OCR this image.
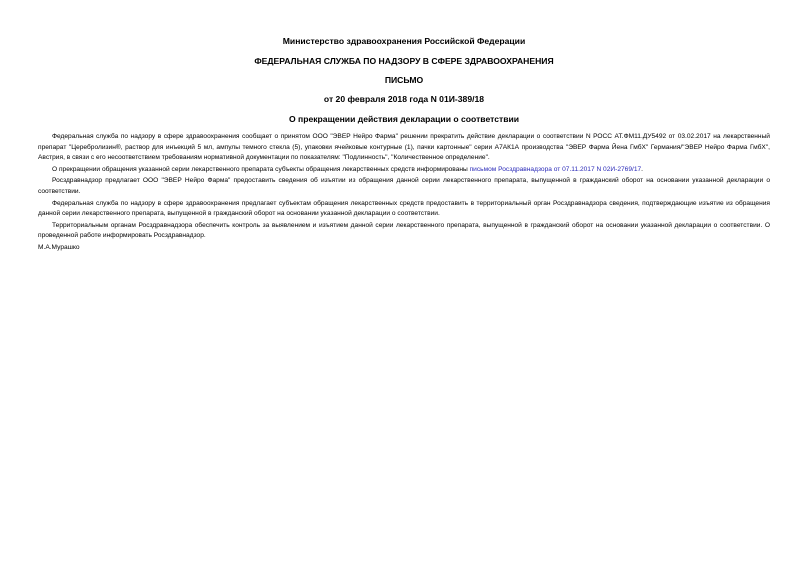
Министерство здравоохранения Российской Федерации
ФЕДЕРАЛЬНАЯ СЛУЖБА ПО НАДЗОРУ В СФЕРЕ ЗДРАВООХРАНЕНИЯ
ПИСЬМО
от 20 февраля 2018 года N 01И-389/18
О прекращении действия декларации о соответствии

Федеральная служба по надзору в сфере здравоохранения сообщает о принятом ООО "ЭВЕР Нейро Фарма" решении прекратить действие декларации о соответствии N РОСС AT.ФМ11.ДУ5492 от 03.02.2017 на лекарственный препарат "Церебролизин®, раствор для инъекций 5 мл, ампулы темного стекла (5), упаковки ячейковые контурные (1), пачки картонные" серии А7АК1А производства "ЭВЕР Фарма Йена ГмбХ" Германия/"ЭВЕР Нейро Фарма ГмбХ", Австрия, в связи с его несоответствием требованиям нормативной документации по показателям: "Подлинность", "Количественное определение".

О прекращении обращения указанной серии лекарственного препарата субъекты обращения лекарственных средств информированы письмом Росздравнадзора от 07.11.2017 N 02И-2769/17.

Росздравнадзор предлагает ООО "ЭВЕР Нейро Фарма" предоставить сведения об изъятии из обращения данной серии лекарственного препарата, выпущенной в гражданский оборот на основании указанной декларации о соответствии.

Федеральная служба по надзору в сфере здравоохранения предлагает субъектам обращения лекарственных средств предоставить в территориальный орган Росздравнадзора сведения, подтверждающие изъятие из обращения данной серии лекарственного препарата, выпущенной в гражданский оборот на основании указанной декларации о соответствии.

Территориальным органам Росздравнадзора обеспечить контроль за выявлением и изъятием данной серии лекарственного препарата, выпущенной в гражданский оборот на основании указанной декларации о соответствии. О проведенной работе информировать Росздравнадзор.

М.А.Мурашко
